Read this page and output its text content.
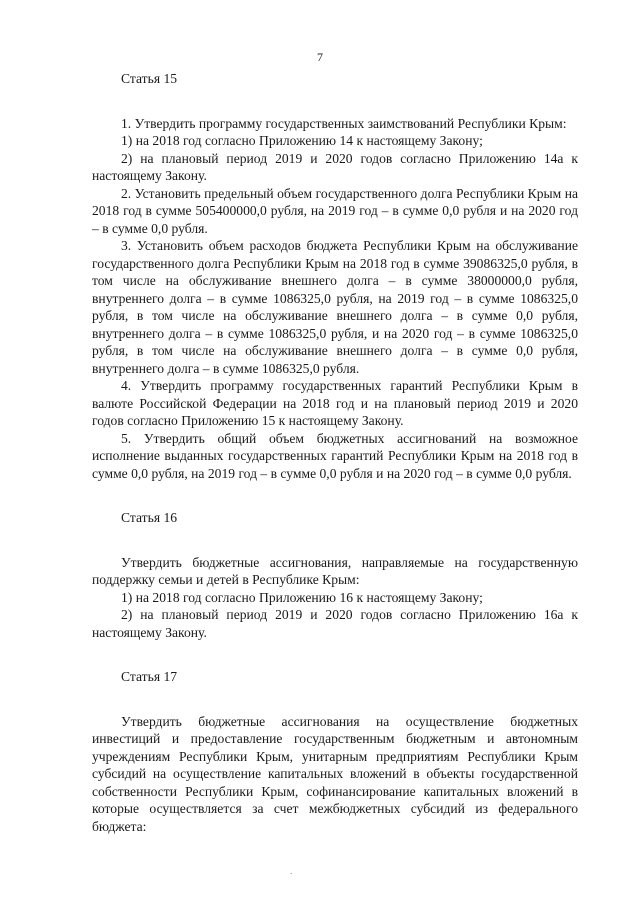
7

Статья 15

1. Утвердить программу государственных заимствований Республики Крым:

1) на 2018 год согласно Приложению 14 к настоящему Закону;

2) на плановый период 2019 и 2020 годов согласно Приложению 14а к настоящему Закону.

2. Установить предельный объем государственного долга Республики Крым на 2018 год в сумме 505400000,0 рубля, на 2019 год – в сумме 0,0 рубля и на 2020 год – в сумме 0,0 рубля.

3. Установить объем расходов бюджета Республики Крым на обслуживание государственного долга Республики Крым на 2018 год в сумме 39086325,0 рубля, в том числе на обслуживание внешнего долга – в сумме 38000000,0 рубля, внутреннего долга – в сумме 1086325,0 рубля, на 2019 год – в сумме 1086325,0 рубля, в том числе на обслуживание внешнего долга – в сумме 0,0 рубля, внутреннего долга – в сумме 1086325,0 рубля, и на 2020 год – в сумме 1086325,0 рубля, в том числе на обслуживание внешнего долга – в сумме 0,0 рубля, внутреннего долга – в сумме 1086325,0 рубля.

4. Утвердить программу государственных гарантий Республики Крым в валюте Российской Федерации на 2018 год и на плановый период 2019 и 2020 годов согласно Приложению 15 к настоящему Закону.

5. Утвердить общий объем бюджетных ассигнований на возможное исполнение выданных государственных гарантий Республики Крым на 2018 год в сумме 0,0 рубля, на 2019 год – в сумме 0,0 рубля и на 2020 год – в сумме 0,0 рубля.

Статья 16

Утвердить бюджетные ассигнования, направляемые на государственную поддержку семьи и детей в Республике Крым:

1) на 2018 год согласно Приложению 16 к настоящему Закону;

2) на плановый период 2019 и 2020 годов согласно Приложению 16а к настоящему Закону.

Статья 17

Утвердить бюджетные ассигнования на осуществление бюджетных инвестиций и предоставление государственным бюджетным и автономным учреждениям Республики Крым, унитарным предприятиям Республики Крым субсидий на осуществление капитальных вложений в объекты государственной собственности Республики Крым, софинансирование капитальных вложений в которые осуществляется за счет межбюджетных субсидий из федерального бюджета:

.
